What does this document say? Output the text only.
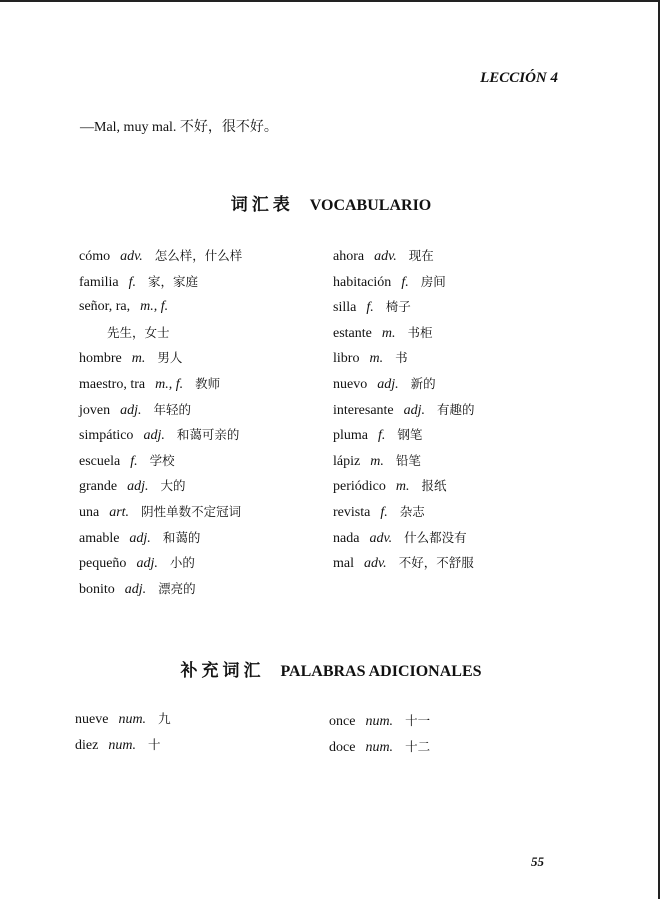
LECCIÓN 4
—Mal, muy mal. 不好，很不好。
词汇表 VOCABULARIO
cómo adv. 怎么样，什么样
familia f. 家，家庭
señor, ra, m., f.
先生，女士
hombre m. 男人
maestro, tra m., f. 教师
joven adj. 年轻的
simpático adj. 和蔼可亲的
escuela f. 学校
grande adj. 大的
una art. 阴性单数不定冠词
amable adj. 和蔼的
pequeño adj. 小的
bonito adj. 漂亮的
ahora adv. 现在
habitación f. 房间
silla f. 椅子
estante m. 书柜
libro m. 书
nuevo adj. 新的
interesante adj. 有趣的
pluma f. 钢笔
lápiz m. 铅笔
periódico m. 报纸
revista f. 杂志
nada adv. 什么都没有
mal adv. 不好，不舒服
补充词汇 PALABRAS ADICIONALES
nueve num. 九
diez num. 十
once num. 十一
doce num. 十二
55
